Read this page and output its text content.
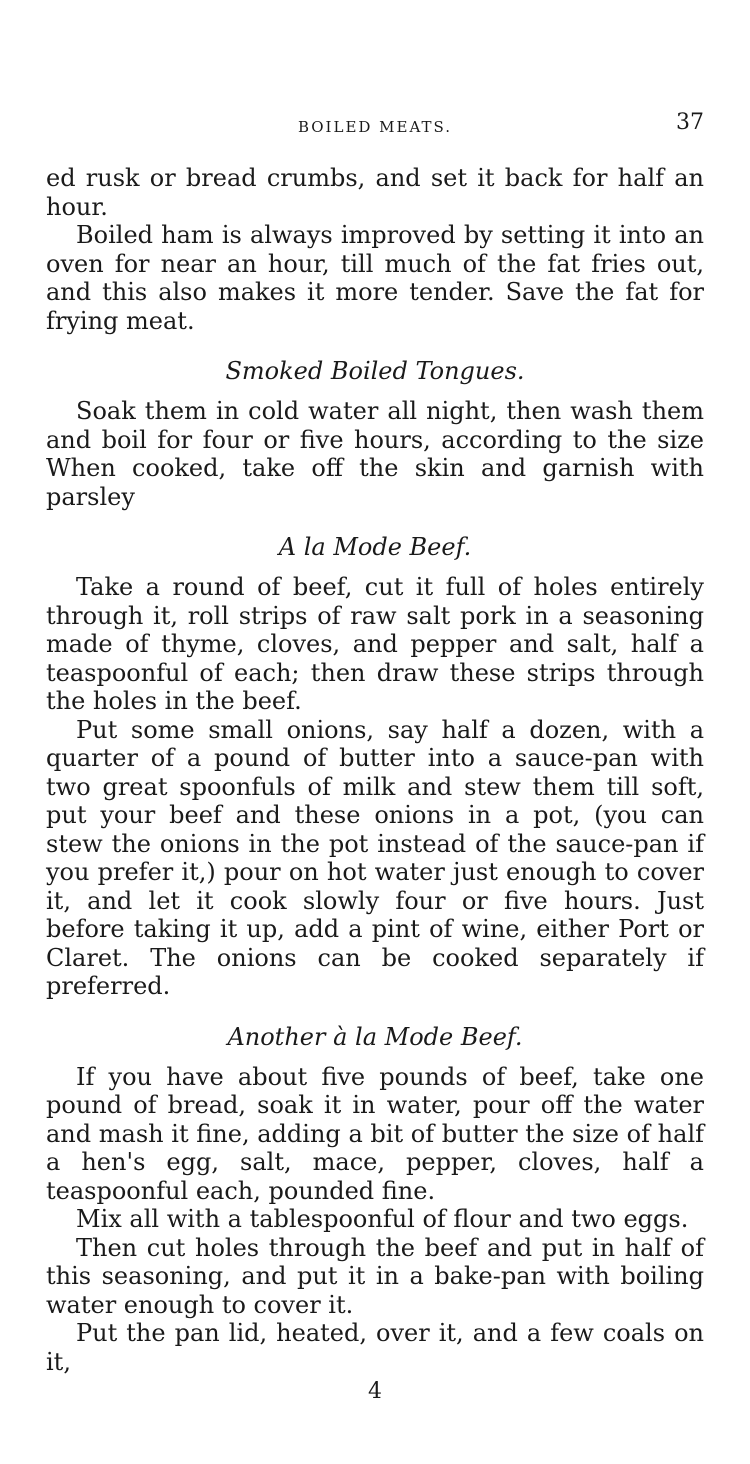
BOILED MEATS.	37

ed rusk or bread crumbs, and set it back for half an hour.

Boiled ham is always improved by setting it into an oven for near an hour, till much of the fat fries out, and this also makes it more tender. Save the fat for frying meat.

Smoked Boiled Tongues.

Soak them in cold water all night, then wash them and boil for four or five hours, according to the size When cooked, take off the skin and garnish with parsley

A la Mode Beef.

Take a round of beef, cut it full of holes entirely through it, roll strips of raw salt pork in a seasoning made of thyme, cloves, and pepper and salt, half a teaspoonful of each; then draw these strips through the holes in the beef.

Put some small onions, say half a dozen, with a quarter of a pound of butter into a sauce-pan with two great spoonfuls of milk and stew them till soft, put your beef and these onions in a pot, (you can stew the onions in the pot instead of the sauce-pan if you prefer it,) pour on hot water just enough to cover it, and let it cook slowly four or five hours. Just before taking it up, add a pint of wine, either Port or Claret. The onions can be cooked separately if preferred.

Another à la Mode Beef.

If you have about five pounds of beef, take one pound of bread, soak it in water, pour off the water and mash it fine, adding a bit of butter the size of half a hen's egg, salt, mace, pepper, cloves, half a teaspoonful each, pounded fine.

Mix all with a tablespoonful of flour and two eggs.

Then cut holes through the beef and put in half of this seasoning, and put it in a bake-pan with boiling water enough to cover it.

Put the pan lid, heated, over it, and a few coals on it,

4
